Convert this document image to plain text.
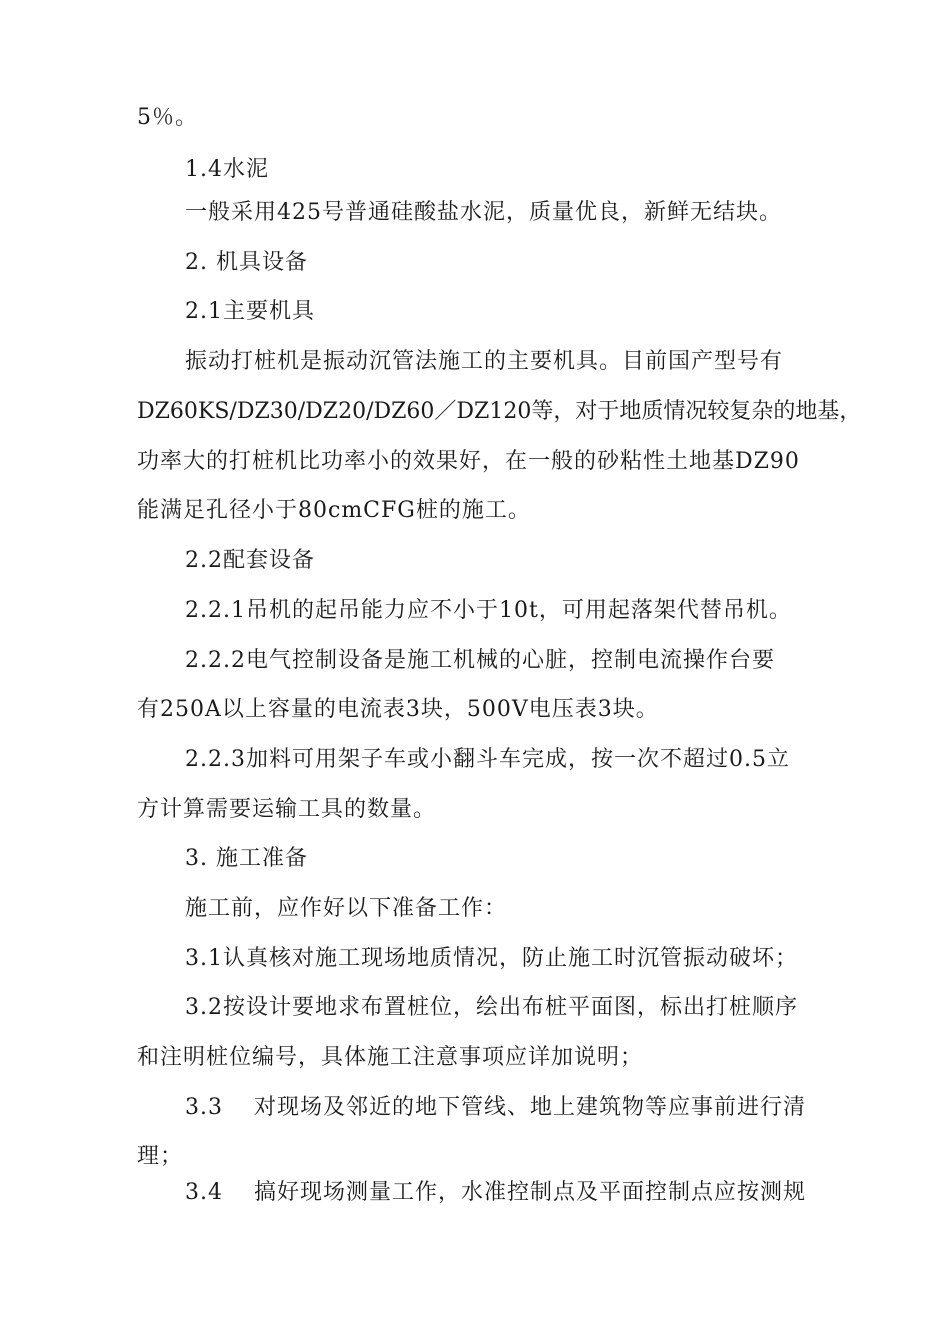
5％。

1.4水泥

一般采用425号普通硅酸盐水泥，质量优良，新鲜无结块。

2. 机具设备

2.1主要机具

振动打桩机是振动沉管法施工的主要机具。目前国产型号有

DZ60KS/DZ30/DZ20/DZ60／DZ120等，对于地质情况较复杂的地基，

功率大的打桩机比功率小的效果好，在一般的砂粘性土地基DZ90

能满足孔径小于80cmCFG桩的施工。

2.2配套设备

2.2.1吊机的起吊能力应不小于10t，可用起落架代替吊机。

2.2.2电气控制设备是施工机械的心脏，控制电流操作台要

有250A以上容量的电流表3块，500V电压表3块。

2.2.3加料可用架子车或小翻斗车完成，按一次不超过0.5立

方计算需要运输工具的数量。

3. 施工准备

施工前，应作好以下准备工作：

3.1认真核对施工现场地质情况，防止施工时沉管振动破坏；

3.2按设计要地求布置桩位，绘出布桩平面图，标出打桩顺序

和注明桩位编号，具体施工注意事项应详加说明；

3.3　 对现场及邻近的地下管线、地上建筑物等应事前进行清

理；

3.4　 搞好现场测量工作，水准控制点及平面控制点应按测规
